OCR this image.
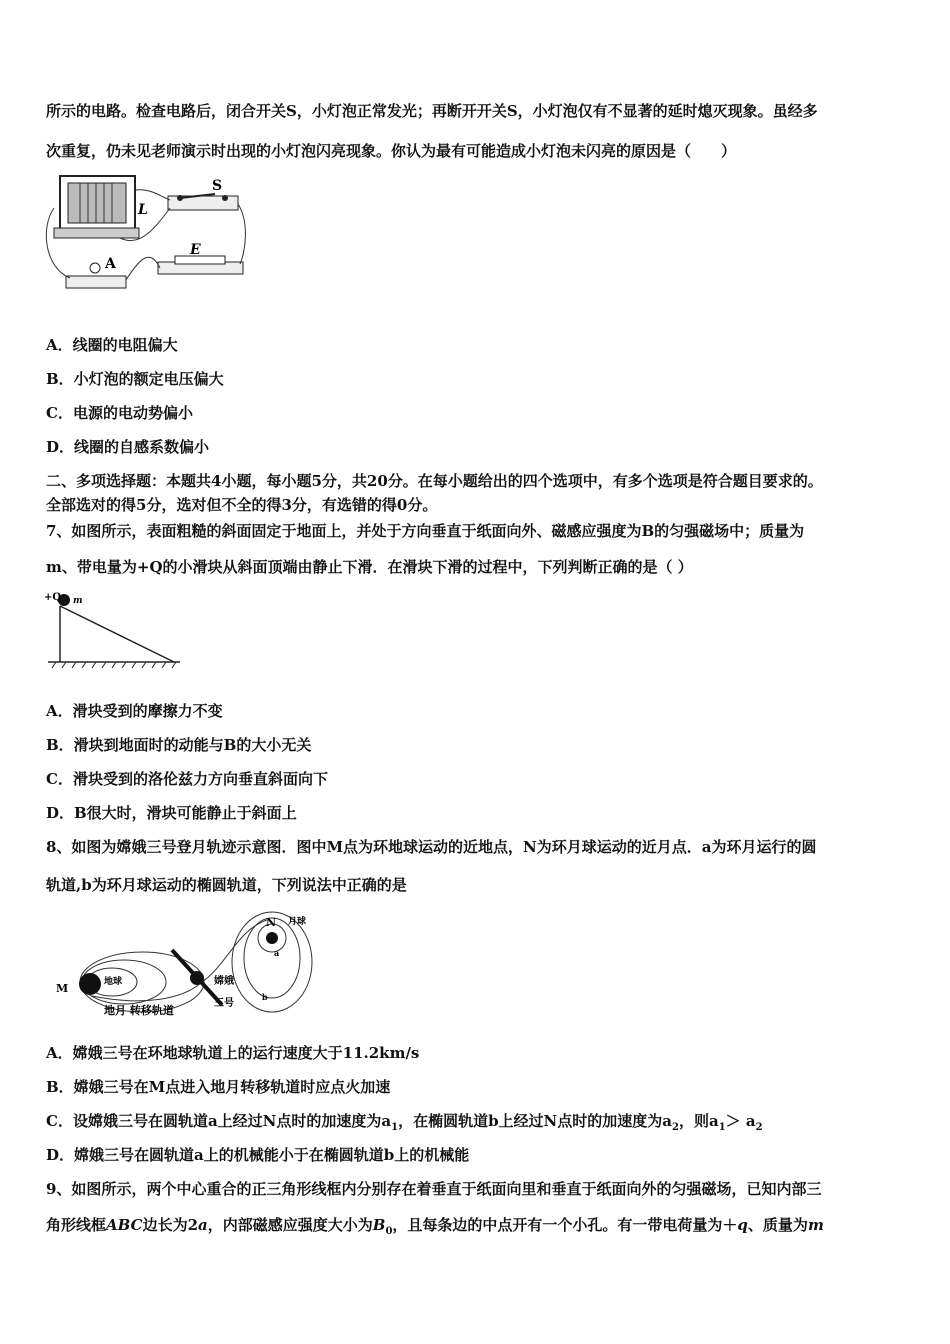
所示的电路。检查电路后，闭合开关S，小灯泡正常发光；再断开开关S，小灯泡仅有不显著的延时熄灭现象。虽经多
次重复，仍未见老师演示时出现的小灯泡闪亮现象。你认为最有可能造成小灯泡未闪亮的原因是（　　）
L
S
E
A
A．线圈的电阻偏大
B．小灯泡的额定电压偏大
C．电源的电动势偏小
D．线圈的自感系数偏小
二、多项选择题：本题共4小题，每小题5分，共20分。在每小题给出的四个选项中，有多个选项是符合题目要求的。
全部选对的得5分，选对但不全的得3分，有选错的得0分。
7、如图所示，表面粗糙的斜面固定于地面上，并处于方向垂直于纸面向外、磁感应强度为B的匀强磁场中；质量为
m、带电量为+Q的小滑块从斜面顶端由静止下滑．在滑块下滑的过程中，下列判断正确的是（ ）
+Q m
A．滑块受到的摩擦力不变
B．滑块到地面时的动能与B的大小无关
C．滑块受到的洛伦兹力方向垂直斜面向下
D．B很大时，滑块可能静止于斜面上
8、如图为嫦娥三号登月轨迹示意图．图中M点为环地球运动的近地点，N为环月球运动的近月点．a为环月运行的圆
轨道,b为环月球运动的椭圆轨道，下列说法中正确的是
M	地球	嫦娥
三号
地月 转移轨道
N 月球
a
b
A．嫦娥三号在环地球轨道上的运行速度大于11.2km/s
B．嫦娥三号在M点进入地月转移轨道时应点火加速
C．设嫦娥三号在圆轨道a上经过N点时的加速度为$a_1$，在椭圆轨道b上经过N点时的加速度为$a_2$，则$a_1> a_2$
D．嫦娥三号在圆轨道a上的机械能小于在椭圆轨道b上的机械能
9、如图所示，两个中心重合的正三角形线框内分别存在着垂直于纸面向里和垂直于纸面向外的匀强磁场，已知内部三
角形线框ABC边长为2a，内部磁感应强度大小为$B_0$，且每条边的中点开有一个小孔。有一带电荷量为＋q、质量为m
